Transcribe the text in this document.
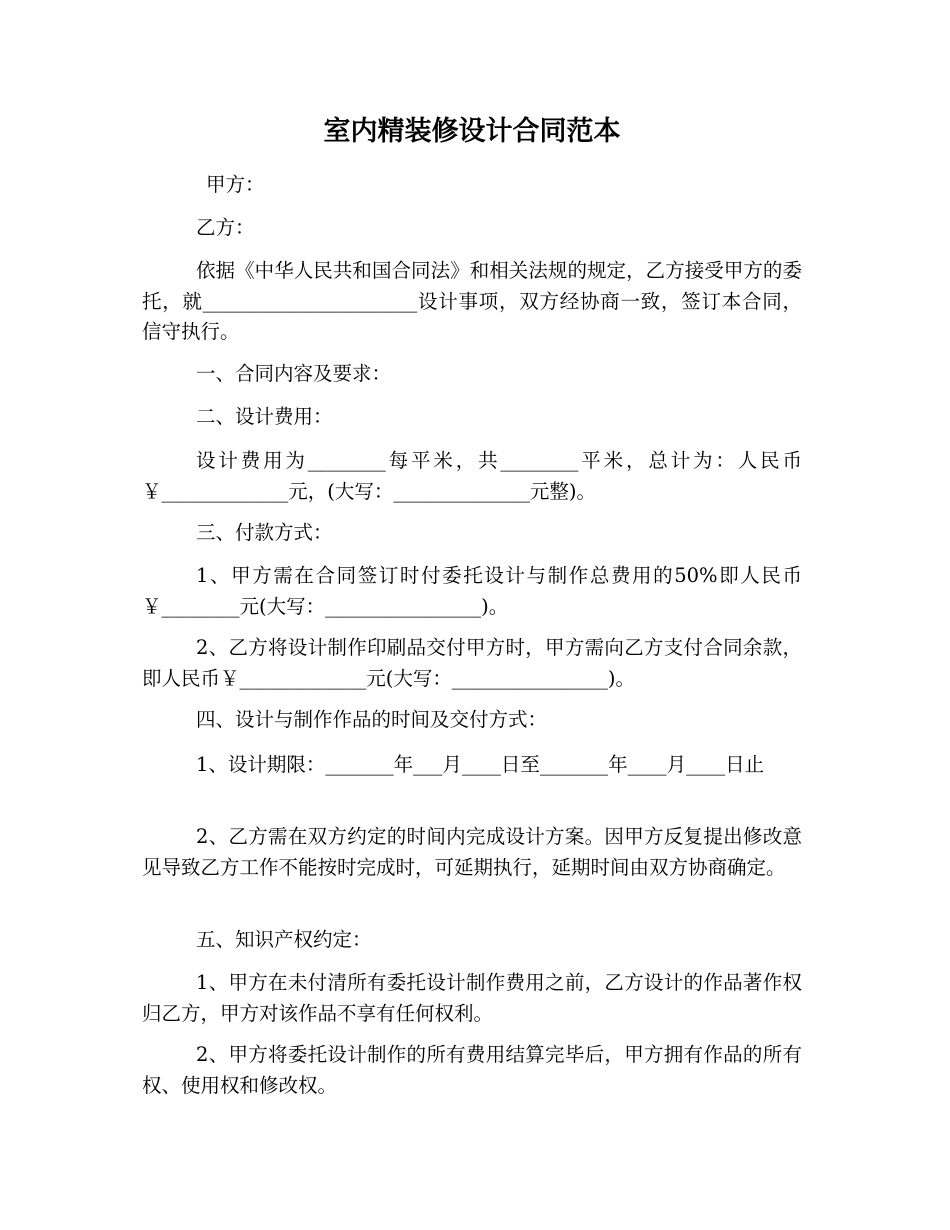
室内精装修设计合同范本

甲方：

乙方：

依据《中华人民共和国合同法》和相关法规的规定，乙方接受甲方的委托，就______________________设计事项，双方经协商一致，签订本合同，信守执行。

一、合同内容及要求：

二、设计费用：

设计费用为________每平米，共________平米，总计为：人民币￥_____________元，(大写：______________元整)。

三、付款方式：

1、甲方需在合同签订时付委托设计与制作总费用的50%即人民币￥________元(大写：________________)。

2、乙方将设计制作印刷品交付甲方时，甲方需向乙方支付合同余款，即人民币￥_____________元(大写：________________)。

四、设计与制作作品的时间及交付方式：

1、设计期限：_______年___月____日至_______年____月____日止

2、乙方需在双方约定的时间内完成设计方案。因甲方反复提出修改意见导致乙方工作不能按时完成时，可延期执行，延期时间由双方协商确定。

五、知识产权约定：

1、甲方在未付清所有委托设计制作费用之前，乙方设计的作品著作权归乙方，甲方对该作品不享有任何权利。

2、甲方将委托设计制作的所有费用结算完毕后，甲方拥有作品的所有权、使用权和修改权。
